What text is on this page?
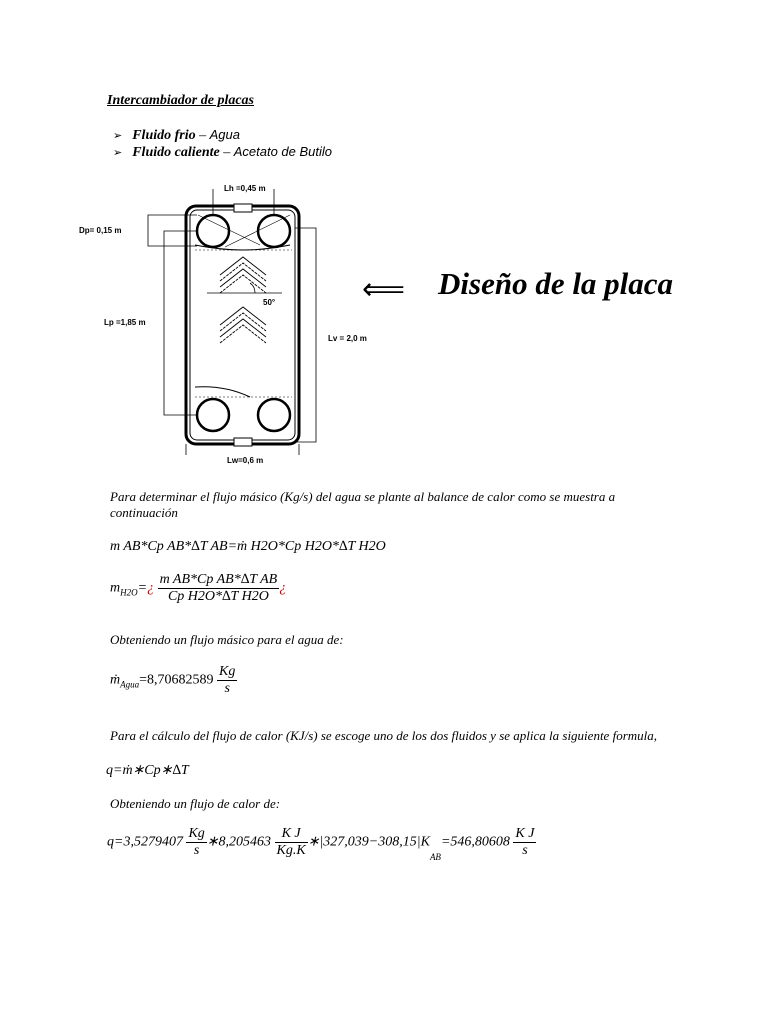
Intercambiador de placas
➢ Fluido frio – Agua
➢ Fluido caliente – Acetato de Butilo
Lh =0,45 m
Dp= 0,15 m
Lp =1,85 m
Lv = 2,0 m
Lw=0,6 m
50°	⟸ Diseño de la placa
Para determinar el flujo másico (Kg/s) del agua se plante al balance de calor como se muestra a continuación
m AB*Cp AB*∆T AB=ṁ H2O*Cp H2O*∆T H2O
$m_{H2O}=¿ \frac{\text{m AB*Cp AB*∆T AB}}{\text{Cp H2O*∆T H2O}}$ ¿
Obteniendo un flujo másico para el agua de:
ṁ$_{Agua}$=8,70682589 $\frac{Kg}{s}$
Para el cálculo del flujo de calor (KJ/s) se escoge uno de los dos fluidos y se aplica la siguiente formula,
q=ṁ∗Cp∗∆T
Obteniendo un flujo de calor de:
$q=3,5279407 \frac{Kg}{s}$ ∗8,205463 $\frac{\text{K J}}{Kg.K}$ $∗|327,039-308,15|K_{AB}=546,80608 \frac{\text{K J}}{s}$
